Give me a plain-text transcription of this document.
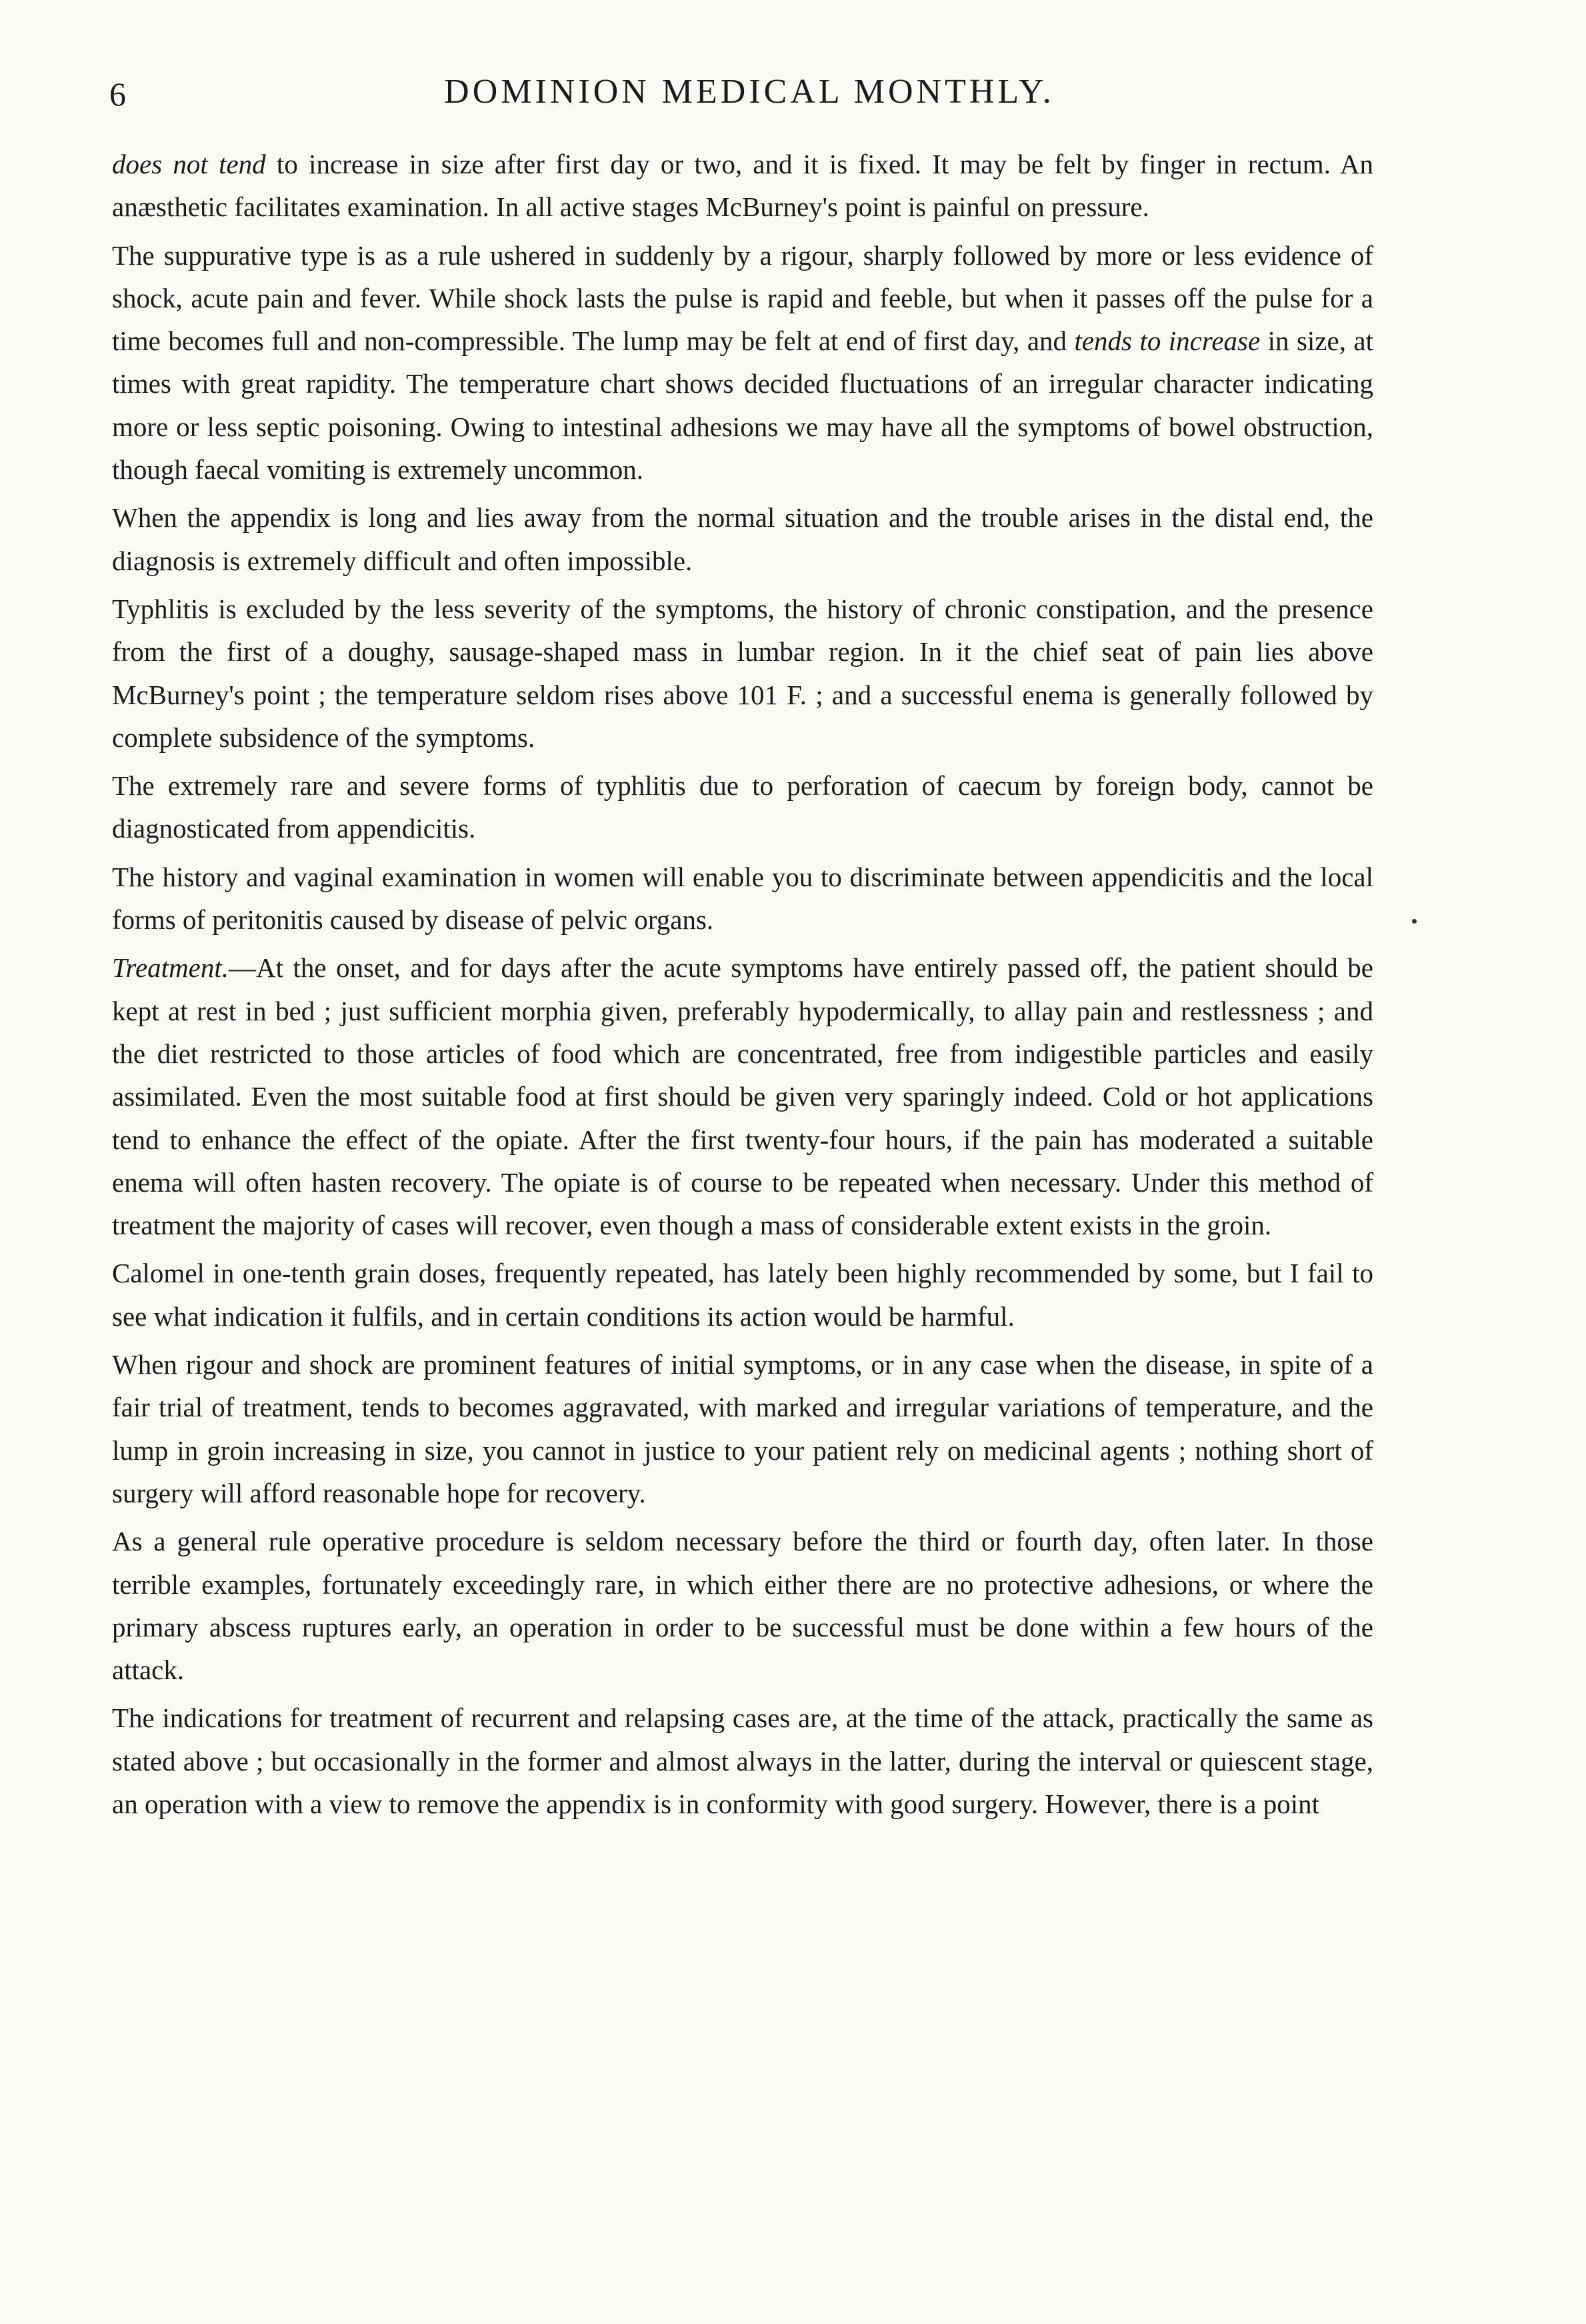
6	DOMINION MEDICAL MONTHLY.

does not tend to increase in size after first day or two, and it is fixed. It may be felt by finger in rectum. An anæsthetic facilitates examination. In all active stages McBurney's point is painful on pressure.

The suppurative type is as a rule ushered in suddenly by a rigour, sharply followed by more or less evidence of shock, acute pain and fever. While shock lasts the pulse is rapid and feeble, but when it passes off the pulse for a time becomes full and non-compressible. The lump may be felt at end of first day, and tends to increase in size, at times with great rapidity. The temperature chart shows decided fluctuations of an irregular character indicating more or less septic poisoning. Owing to intestinal adhesions we may have all the symptoms of bowel obstruction, though faecal vomiting is extremely uncommon.

When the appendix is long and lies away from the normal situation and the trouble arises in the distal end, the diagnosis is extremely difficult and often impossible.

Typhlitis is excluded by the less severity of the symptoms, the history of chronic constipation, and the presence from the first of a doughy, sausage-shaped mass in lumbar region. In it the chief seat of pain lies above McBurney's point ; the temperature seldom rises above 101 F. ; and a successful enema is generally followed by complete subsidence of the symptoms.

The extremely rare and severe forms of typhlitis due to perforation of caecum by foreign body, cannot be diagnosticated from appendicitis.

The history and vaginal examination in women will enable you to discriminate between appendicitis and the local forms of peritonitis caused by disease of pelvic organs.

Treatment.—At the onset, and for days after the acute symptoms have entirely passed off, the patient should be kept at rest in bed ; just sufficient morphia given, preferably hypodermically, to allay pain and restlessness ; and the diet restricted to those articles of food which are concentrated, free from indigestible particles and easily assimilated. Even the most suitable food at first should be given very sparingly indeed. Cold or hot applications tend to enhance the effect of the opiate. After the first twenty-four hours, if the pain has moderated a suitable enema will often hasten recovery. The opiate is of course to be repeated when necessary. Under this method of treatment the majority of cases will recover, even though a mass of considerable extent exists in the groin.

Calomel in one-tenth grain doses, frequently repeated, has lately been highly recommended by some, but I fail to see what indication it fulfils, and in certain conditions its action would be harmful.

When rigour and shock are prominent features of initial symptoms, or in any case when the disease, in spite of a fair trial of treatment, tends to becomes aggravated, with marked and irregular variations of temperature, and the lump in groin increasing in size, you cannot in justice to your patient rely on medicinal agents ; nothing short of surgery will afford reasonable hope for recovery.

As a general rule operative procedure is seldom necessary before the third or fourth day, often later. In those terrible examples, fortunately exceedingly rare, in which either there are no protective adhesions, or where the primary abscess ruptures early, an operation in order to be successful must be done within a few hours of the attack.

The indications for treatment of recurrent and relapsing cases are, at the time of the attack, practically the same as stated above ; but occasionally in the former and almost always in the latter, during the interval or quiescent stage, an operation with a view to remove the appendix is in conformity with good surgery. However, there is a point
